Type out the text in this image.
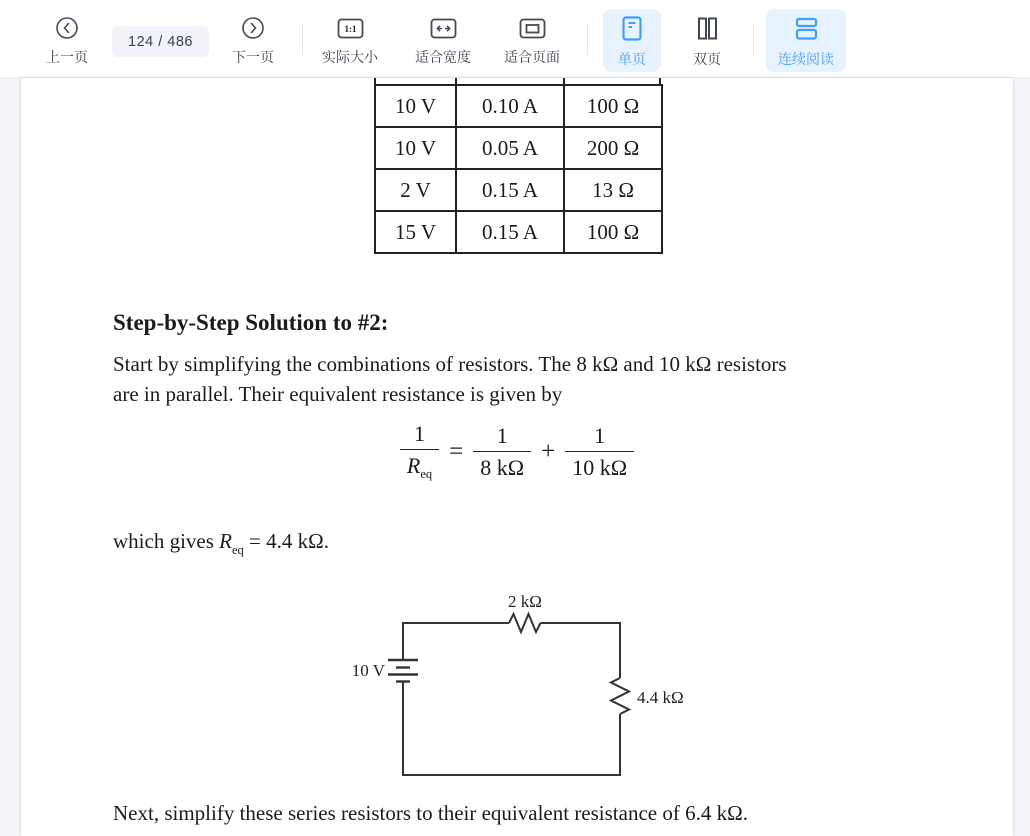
上一页
124 / 486
下一页
1:1
实际大小	适合宽度 适合页面	单页	双页	连续阅读
10 V	0.10 A	100 Ω
10 V	0.05 A	200 Ω
2 V	0.15 A	13 Ω
15 V	0.15 A	100 Ω
Step-by-Step Solution to #2:
Start by simplifying the combinations of resistors. The 8 kΩ and 10 kΩ resistors
are in parallel. Their equivalent resistance is given by
$\frac{1}{R_{eq}} = \frac{1}{8 k\Omega} + \frac{1}{10 k\Omega}$
which gives $R_{eq} = 4.4$ kΩ.
10 V
2 kΩ
4.4 kΩ
Next, simplify these series resistors to their equivalent resistance of 6.4 kΩ.
